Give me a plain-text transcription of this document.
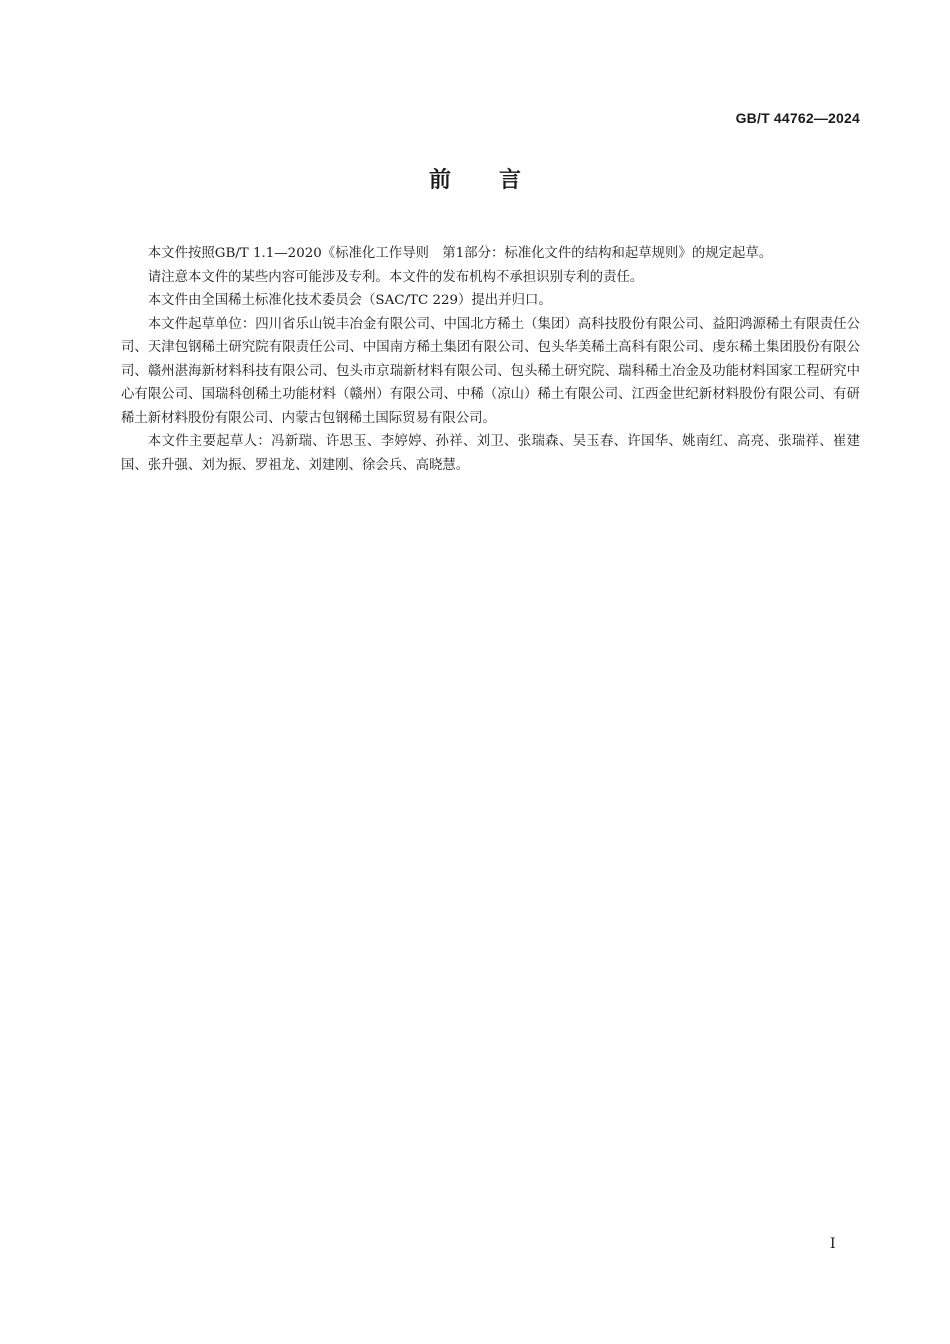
GB/T 44762—2024
前言

本文件按照GB/T 1.1—2020《标准化工作导则　第1部分：标准化文件的结构和起草规则》的规定起草。

请注意本文件的某些内容可能涉及专利。本文件的发布机构不承担识别专利的责任。

本文件由全国稀土标准化技术委员会（SAC/TC 229）提出并归口。

本文件起草单位：四川省乐山锐丰冶金有限公司、中国北方稀土（集团）高科技股份有限公司、益阳鸿源稀土有限责任公司、天津包钢稀土研究院有限责任公司、中国南方稀土集团有限公司、包头华美稀土高科有限公司、虔东稀土集团股份有限公司、赣州湛海新材料科技有限公司、包头市京瑞新材料有限公司、包头稀土研究院、瑞科稀土冶金及功能材料国家工程研究中心有限公司、国瑞科创稀土功能材料（赣州）有限公司、中稀（凉山）稀土有限公司、江西金世纪新材料股份有限公司、有研稀土新材料股份有限公司、内蒙古包钢稀土国际贸易有限公司。

本文件主要起草人：冯新瑞、许思玉、李婷婷、孙祥、刘卫、张瑞森、吴玉春、许国华、姚南红、高亮、张瑞祥、崔建国、张升强、刘为振、罗祖龙、刘建刚、徐会兵、高晓慧。

I
